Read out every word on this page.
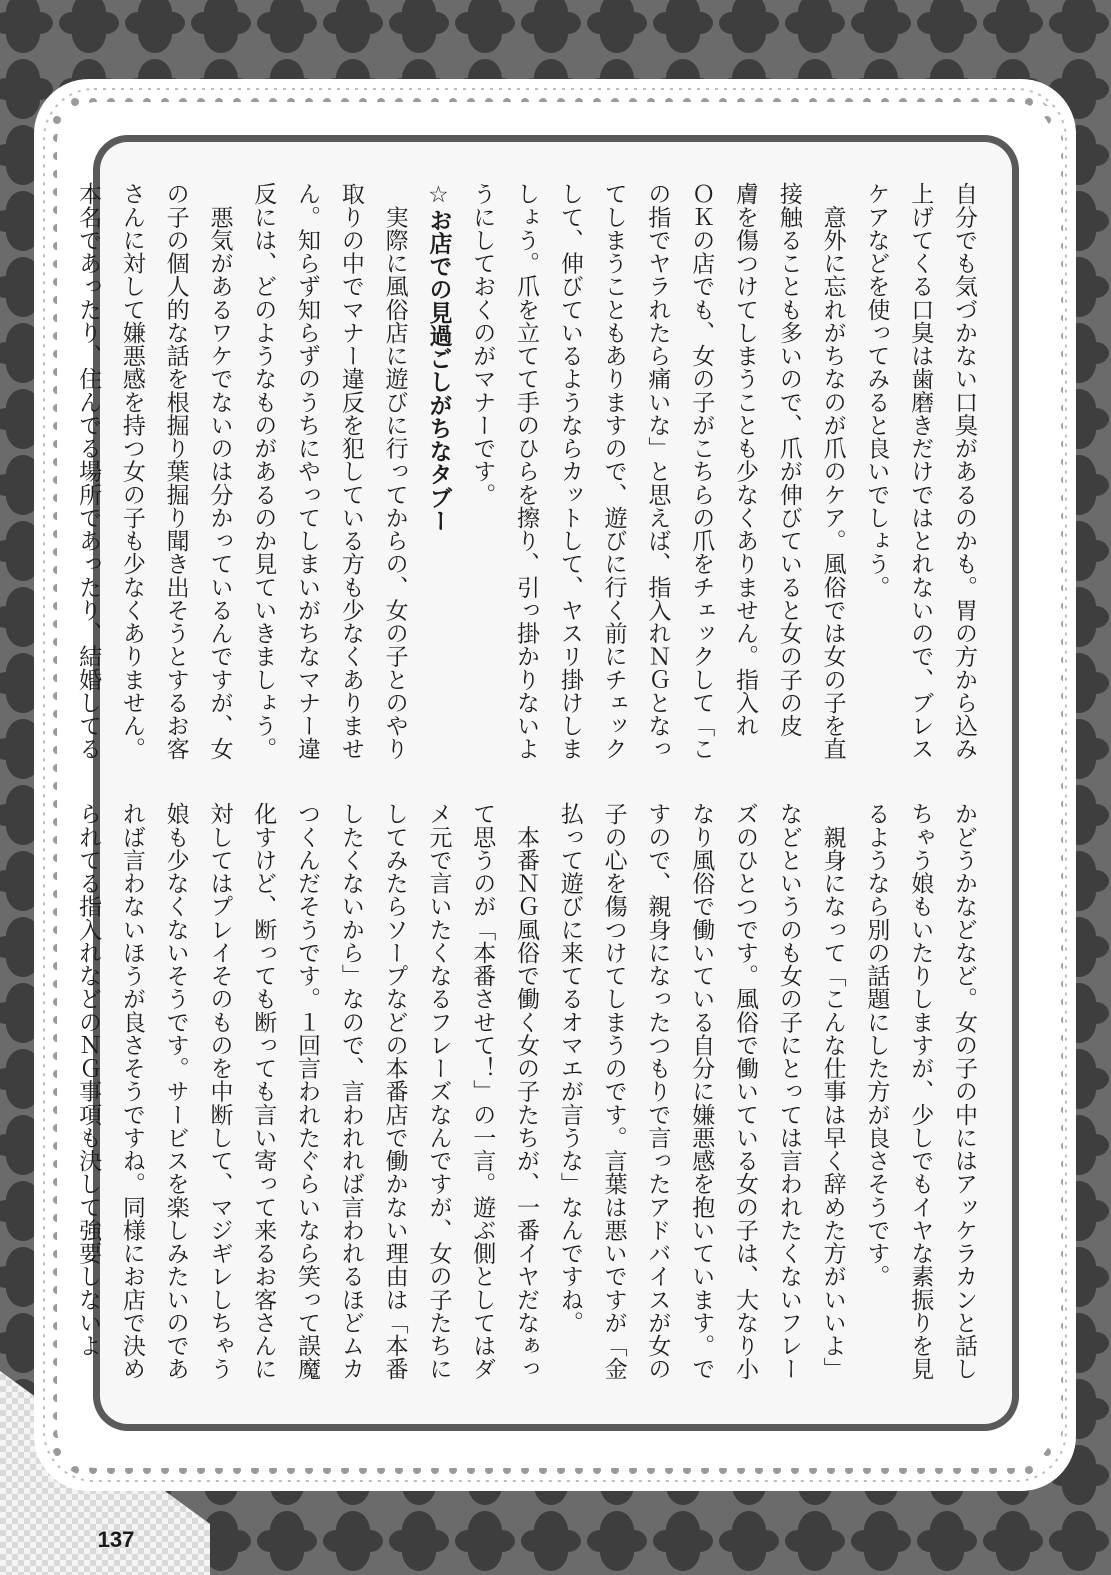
自分でも気づかない口臭があるのかも。胃の方から込み

上げてくる口臭は歯磨きだけではとれないので、ブレス

ケアなどを使ってみると良いでしょう。

　意外に忘れがちなのが爪のケア。風俗では女の子を直

接触ることも多いので、爪が伸びていると女の子の皮

膚を傷つけてしまうことも少なくありません。指入れ

ＯＫの店でも、女の子がこちらの爪をチェックして「こ

の指でヤラれたら痛いな」と思えば、指入れＮＧとなっ

てしまうこともありますので、遊びに行く前にチェック

して、伸びているようならカットして、ヤスリ掛けしま

しょう。爪を立てて手のひらを擦り、引っ掛かりないよ

うにしておくのがマナーです。

☆お店での見過ごしがちなタブー

　実際に風俗店に遊びに行ってからの、女の子とのやり

取りの中でマナー違反を犯している方も少なくありませ

ん。知らず知らずのうちにやってしまいがちなマナー違

反には、どのようなものがあるのか見ていきましょう。

　悪気があるワケでないのは分かっているんですが、女

の子の個人的な話を根掘り葉掘り聞き出そうとするお客

さんに対して嫌悪感を持つ女の子も少なくありません。

本名であったり、住んでる場所であったり、結婚してる

かどうかなどなど。女の子の中にはアッケラカンと話し

ちゃう娘もいたりしますが、少しでもイヤな素振りを見

るようなら別の話題にした方が良さそうです。

　親身になって「こんな仕事は早く辞めた方がいいよ」

などというのも女の子にとっては言われたくないフレー

ズのひとつです。風俗で働いている女の子は、大なり小

なり風俗で働いている自分に嫌悪感を抱いています。で

すので、親身になったつもりで言ったアドバイスが女の

子の心を傷つけてしまうのです。言葉は悪いですが「金

払って遊びに来てるオマエが言うな」なんですね。

　本番ＮＧ風俗で働く女の子たちが、一番イヤだなぁっ

て思うのが「本番させて！」の一言。遊ぶ側としてはダ

メ元で言いたくなるフレーズなんですが、女の子たちに

してみたらソープなどの本番店で働かない理由は「本番

したくないから」なので、言われれば言われるほどムカ

つくんだそうです。１回言われたぐらいなら笑って誤魔

化すけど、断っても断っても言い寄って来るお客さんに

対してはプレイそのものを中断して、マジギレしちゃう

娘も少なくないそうです。サービスを楽しみたいのであ

れば言わないほうが良さそうですね。同様にお店で決め

られてる指入れなどのＮＧ事項も決して強要しないよ

137
